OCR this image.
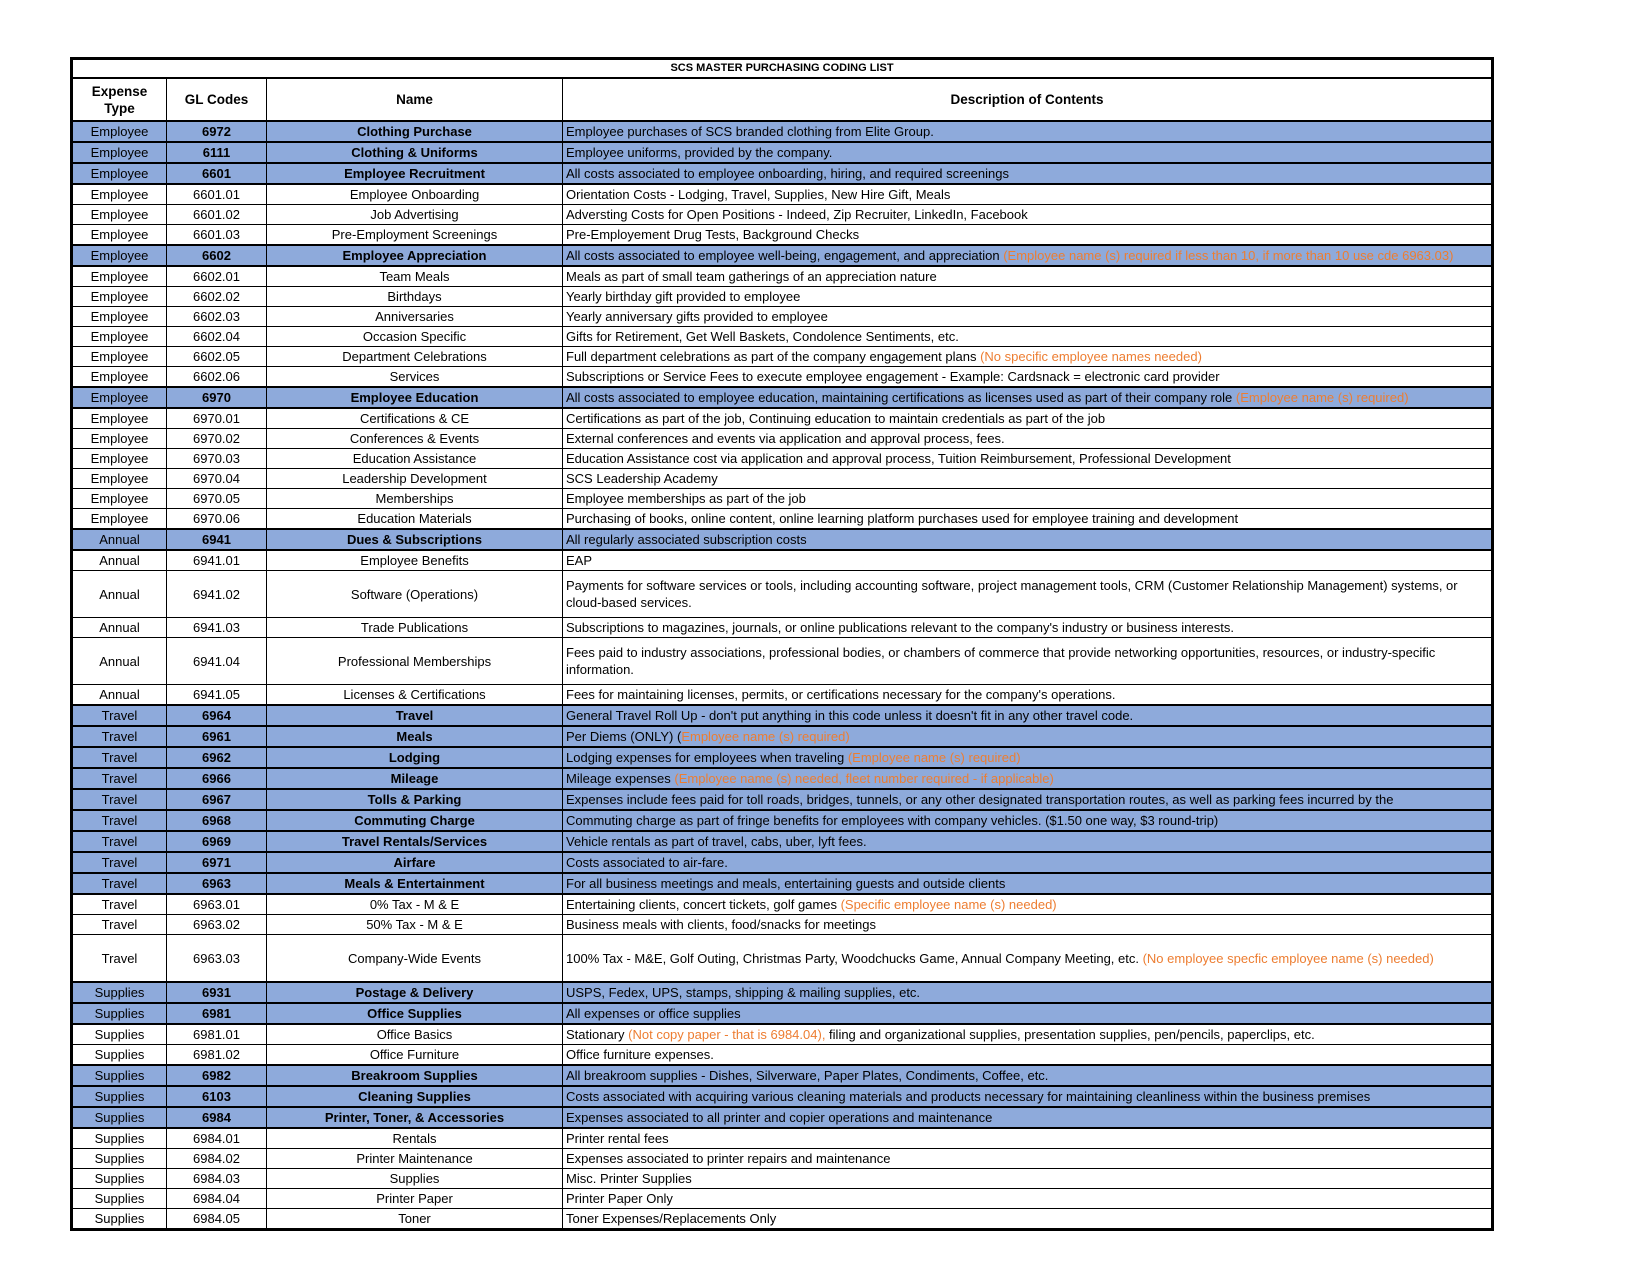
SCS MASTER PURCHASING CODING LIST			
Expense Type	GL Codes	Name	Description of Contents
Employee	6972	Clothing Purchase	Employee purchases of SCS branded clothing from Elite Group.
Employee	6111	Clothing & Uniforms	Employee uniforms, provided by the company.
Employee	6601	Employee Recruitment	All costs associated to employee onboarding, hiring, and required screenings
Employee	6601.01	Employee Onboarding	Orientation Costs - Lodging, Travel, Supplies, New Hire Gift, Meals
Employee	6601.02	Job Advertising	Adversting Costs for Open Positions - Indeed, Zip Recruiter, LinkedIn, Facebook
Employee	6601.03	Pre-Employment Screenings	Pre-Employement Drug Tests, Background Checks
Employee	6602	Employee Appreciation	All costs associated to employee well-being, engagement, and appreciation (Employee name (s) required if less than 10, if more than 10 use cde 6963.03)
Employee	6602.01	Team Meals	Meals as part of small team gatherings of an appreciation nature
Employee	6602.02	Birthdays	Yearly birthday gift provided to employee
Employee	6602.03	Anniversaries	Yearly anniversary gifts provided to employee
Employee	6602.04	Occasion Specific	Gifts for Retirement, Get Well Baskets, Condolence Sentiments, etc.
Employee	6602.05	Department Celebrations	Full department celebrations as part of the company engagement plans (No specific employee names needed)
Employee	6602.06	Services	Subscriptions or Service Fees to execute employee engagement - Example: Cardsnack = electronic card provider
Employee	6970	Employee Education	All costs associated to employee education, maintaining certifications as licenses used as part of their company role (Employee name (s) required)
Employee	6970.01	Certifications & CE	Certifications as part of the job, Continuing education to maintain credentials as part of the job
Employee	6970.02	Conferences & Events	External conferences and events via application and approval process, fees.
Employee	6970.03	Education Assistance	Education Assistance cost via application and approval process, Tuition Reimbursement, Professional Development
Employee	6970.04	Leadership Development	SCS Leadership Academy
Employee	6970.05	Memberships	Employee memberships as part of the job
Employee	6970.06	Education Materials	Purchasing of books, online content, online learning platform purchases used for employee training and development
Annual	6941	Dues & Subscriptions	All regularly associated subscription costs
Annual	6941.01	Employee Benefits	EAP
Annual	6941.02	Software (Operations)	Payments for software services or tools, including accounting software, project management tools, CRM (Customer Relationship Management) systems, or cloud-based services.
Annual	6941.03	Trade Publications	Subscriptions to magazines, journals, or online publications relevant to the company's industry or business interests.
Annual	6941.04	Professional Memberships	Fees paid to industry associations, professional bodies, or chambers of commerce that provide networking opportunities, resources, or industry-specific information.
Annual	6941.05	Licenses & Certifications	Fees for maintaining licenses, permits, or certifications necessary for the company's operations.
Travel	6964	Travel	General Travel Roll Up - don't put anything in this code unless it doesn't fit in any other travel code.
Travel	6961	Meals	Per Diems (ONLY) (Employee name (s) required)
Travel	6962	Lodging	Lodging expenses for employees when traveling (Employee name (s) required)
Travel	6966	Mileage	Mileage expenses (Employee name (s) needed, fleet number required - if applicable)
Travel	6967	Tolls & Parking	Expenses include fees paid for toll roads, bridges, tunnels, or any other designated transportation routes, as well as parking fees incurred by the
Travel	6968	Commuting Charge	Commuting charge as part of fringe benefits for employees with company vehicles. ($1.50 one way, $3 round-trip)
Travel	6969	Travel Rentals/Services	Vehicle rentals as part of travel, cabs, uber, lyft fees.
Travel	6971	Airfare	Costs associated to air-fare.
Travel	6963	Meals & Entertainment	For all business meetings and meals, entertaining guests and outside clients
Travel	6963.01	0% Tax - M & E	Entertaining clients, concert tickets, golf games (Specific employee name (s) needed)
Travel	6963.02	50% Tax - M & E	Business meals with clients, food/snacks for meetings
Travel	6963.03	Company-Wide Events	100% Tax - M&E, Golf Outing, Christmas Party, Woodchucks Game, Annual Company Meeting, etc. (No employee specfic employee name (s) needed)
Supplies	6931	Postage & Delivery	USPS, Fedex, UPS, stamps, shipping & mailing supplies, etc.
Supplies	6981	Office Supplies	All expenses or office supplies
Supplies	6981.01	Office Basics	Stationary (Not copy paper - that is 6984.04), filing and organizational supplies, presentation supplies, pen/pencils, paperclips, etc.
Supplies	6981.02	Office Furniture	Office furniture expenses.
Supplies	6982	Breakroom Supplies	All breakroom supplies - Dishes, Silverware, Paper Plates, Condiments, Coffee, etc.
Supplies	6103	Cleaning Supplies	Costs associated with acquiring various cleaning materials and products necessary for maintaining cleanliness within the business premises
Supplies	6984	Printer, Toner, & Accessories	Expenses associated to all printer and copier operations and maintenance
Supplies	6984.01	Rentals	Printer rental fees
Supplies	6984.02	Printer Maintenance	Expenses associated to printer repairs and maintenance
Supplies	6984.03	Supplies	Misc. Printer Supplies
Supplies	6984.04	Printer Paper	Printer Paper Only
Supplies	6984.05	Toner	Toner Expenses/Replacements Only
